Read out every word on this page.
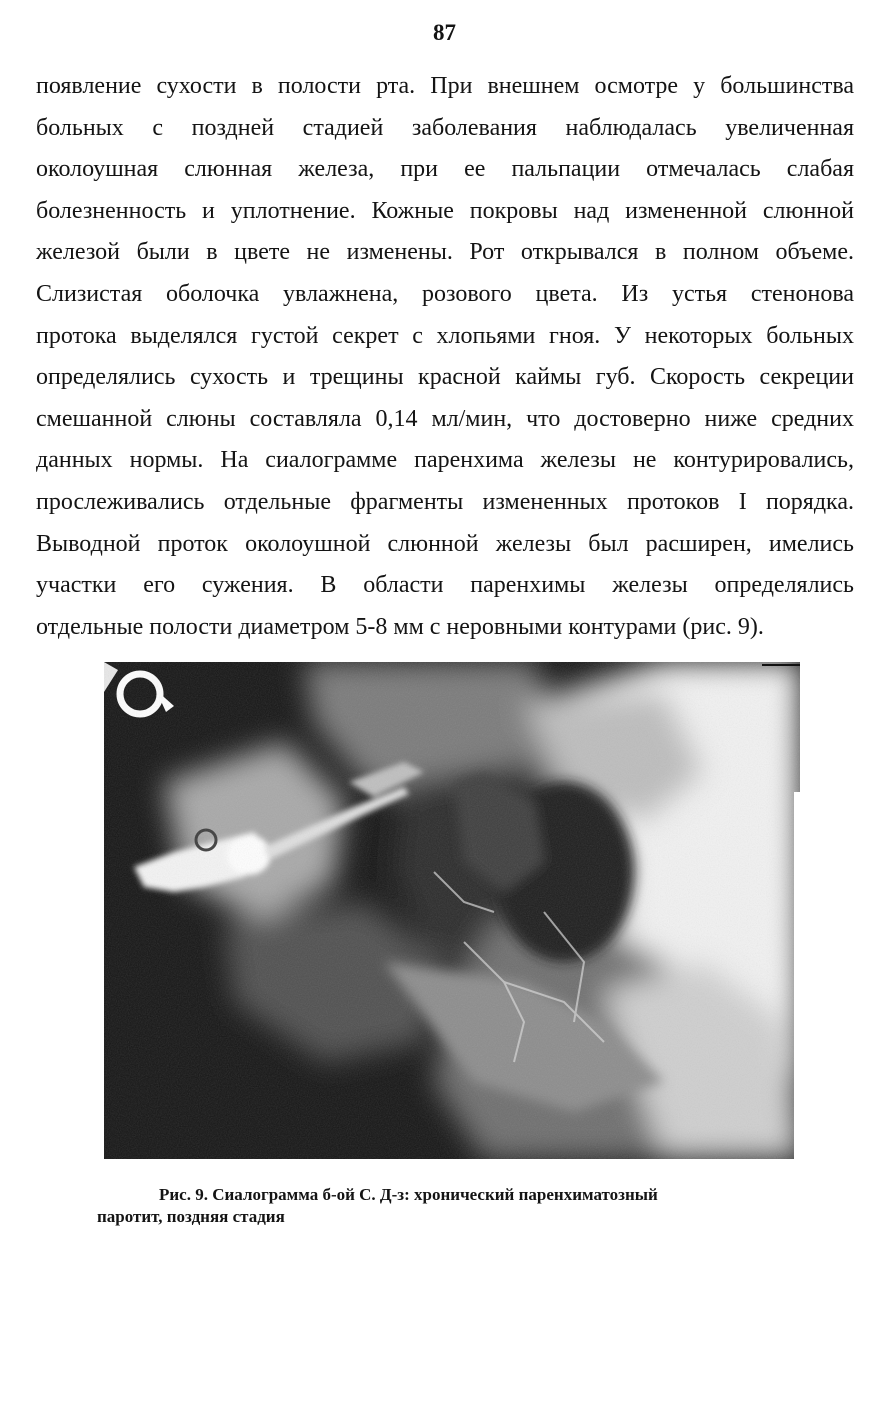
87
появление сухости в полости рта. При внешнем осмотре у большинства
больных с поздней стадией заболевания наблюдалась увеличенная
околоушная слюнная железа, при ее пальпации отмечалась слабая
болезненность и уплотнение. Кожные покровы над измененной слюнной
железой были в цвете не изменены. Рот открывался в полном объеме.
Слизистая оболочка увлажнена, розового цвета. Из устья стенонова
протока выделялся густой секрет с хлопьями гноя. У некоторых больных
определялись сухость и трещины красной каймы губ. Скорость секреции
смешанной слюны составляла 0,14 мл/мин, что достоверно ниже средних
данных нормы. На сиалограмме паренхима железы не контурировались,
прослеживались отдельные фрагменты измененных протоков I порядка.
Выводной проток околоушной слюнной железы был расширен, имелись
участки его сужения. В области паренхимы железы определялись
отдельные полости диаметром 5-8 мм с неровными контурами (рис. 9).

Рис. 9. Сиалограмма б-ой С. Д-з: хронический паренхиматозный
паротит, поздняя стадия
